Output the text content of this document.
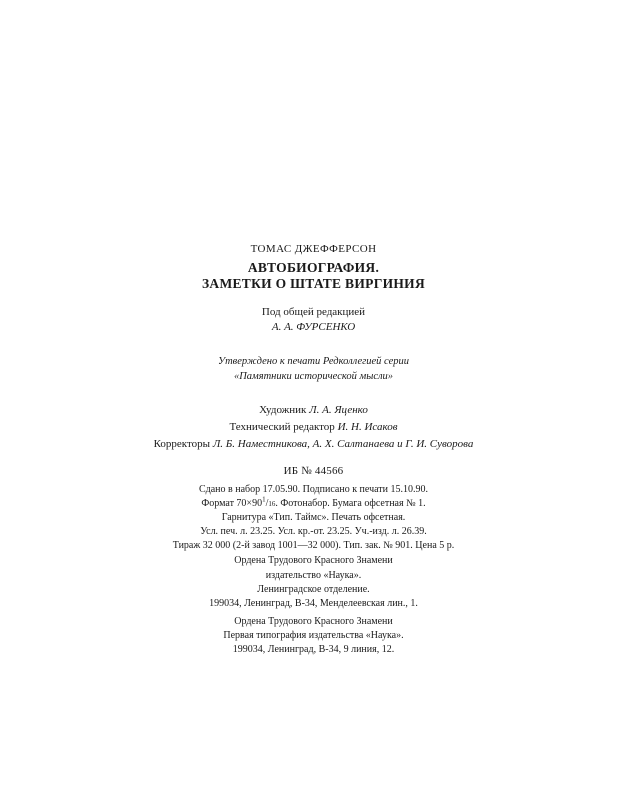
ТОМАС ДЖЕФФЕРСОН
АВТОБИОГРАФИЯ.
ЗАМЕТКИ О ШТАТЕ ВИРГИНИЯ
Под общей редакцией
А. А. ФУРСЕНКО
Утверждено к печати Редколлегией серии
«Памятники исторической мысли»
Художник Л. А. Яценко
Технический редактор И. Н. Исаков
Корректоры Л. Б. Наместникова, А. Х. Салтанаева и Г. И. Суворова
ИБ № 44566
Сдано в набор 17.05.90. Подписано к печати 15.10.90.
Формат $70\times 90^1/16$. Фотонабор. Бумага офсетная № 1.
Гарнитура «Тип. Таймс». Печать офсетная.
Усл. печ. л. 23.25. Усл. кр.-от. 23.25. Уч.-изд. л. 26.39.
Тираж 32 000 (2-й завод 1001—32 000). Тип. зак. № 901. Цена 5 р.
Ордена Трудового Красного Знамени
издательство «Наука».
Ленинградское отделение.
199034, Ленинград, В-34, Менделеевская лин., 1.
Ордена Трудового Красного Знамени
Первая типография издательства «Наука».
199034, Ленинград, В-34, 9 линия, 12.
